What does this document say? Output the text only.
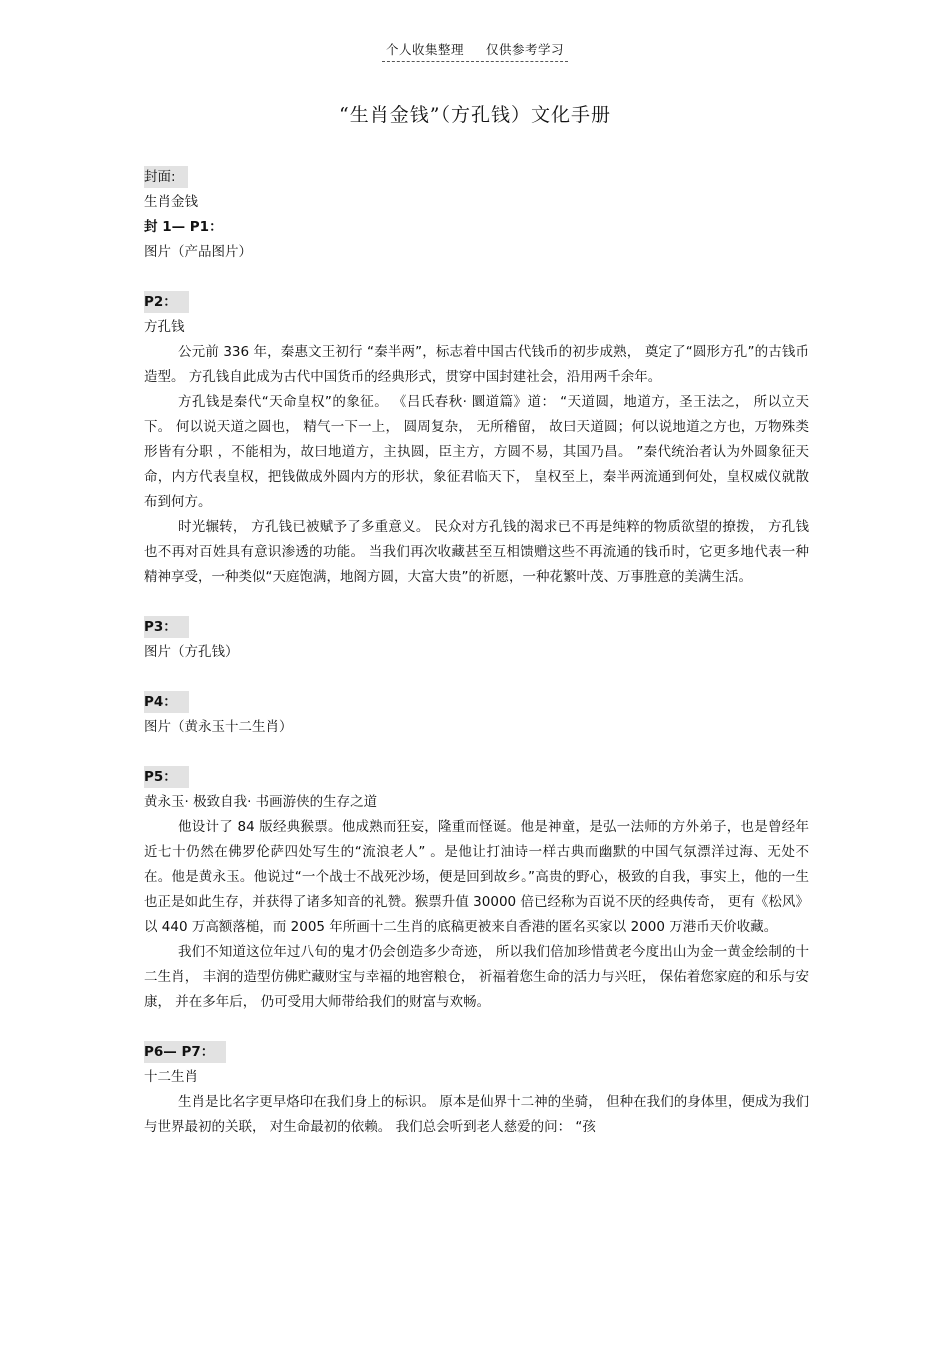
个人收集整理 仅供参考学习
“生肖金钱”（方孔钱）文化手册
封面:
生肖金钱
封 1— P1：
图片（产品图片）
P2：
方孔钱

公元前 336 年，秦惠文王初行 “秦半两”，标志着中国古代钱币的初步成熟， 奠定了“圆形方孔”的古钱币造型。 方孔钱自此成为古代中国货币的经典形式，贯穿中国封建社会，沿用两千余年。

方孔钱是秦代“天命皇权”的象征。 《吕氏春秋· 圜道篇》道： “天道圆，地道方，圣王法之， 所以立天下。 何以说天道之圆也， 精气一下一上， 圆周复杂， 无所稽留， 故曰天道圆；何以说地道之方也，万物殊类形皆有分职 ，不能相为，故曰地道方，主执圆，臣主方，方圆不易，其国乃昌。 ”秦代统治者认为外圆象征天命，内方代表皇权，把钱做成外圆内方的形状，象征君临天下， 皇权至上，秦半两流通到何处，皇权威仪就散布到何方。

时光辗转， 方孔钱已被赋予了多重意义。 民众对方孔钱的渴求已不再是纯粹的物质欲望的撩拨， 方孔钱也不再对百姓具有意识渗透的功能。 当我们再次收藏甚至互相馈赠这些不再流通的钱币时，它更多地代表一种精神享受，一种类似“天庭饱满，地阁方圆，大富大贵”的祈愿，一种花繁叶茂、万事胜意的美满生活。

P3：
图片（方孔钱）
P4：
图片（黄永玉十二生肖）
P5：
黄永玉· 极致自我· 书画游侠的生存之道

他设计了 84 版经典猴票。他成熟而狂妄，隆重而怪诞。他是神童，是弘一法师的方外弟子，也是曾经年近七十仍然在佛罗伦萨四处写生的“流浪老人” 。是他让打油诗一样古典而幽默的中国气氛漂洋过海、无处不在。他是黄永玉。他说过“一个战士不战死沙场，便是回到故乡。”高贵的野心，极致的自我，事实上，他的一生也正是如此生存，并获得了诸多知音的礼赞。猴票升值 30000 倍已经称为百说不厌的经典传奇， 更有《松风》 以 440 万高额落槌，而 2005 年所画十二生肖的底稿更被来自香港的匿名买家以 2000 万港币天价收藏。

我们不知道这位年过八旬的鬼才仍会创造多少奇迹， 所以我们倍加珍惜黄老今度出山为金一黄金绘制的十二生肖， 丰润的造型仿佛贮藏财宝与幸福的地窖粮仓， 祈福着您生命的活力与兴旺， 保佑着您家庭的和乐与安康， 并在多年后， 仍可受用大师带给我们的财富与欢畅。

P6— P7：
十二生肖

生肖是比名字更早烙印在我们身上的标识。 原本是仙界十二神的坐骑， 但种在我们的身体里，便成为我们与世界最初的关联， 对生命最初的依赖。 我们总会听到老人慈爱的问： “孩
